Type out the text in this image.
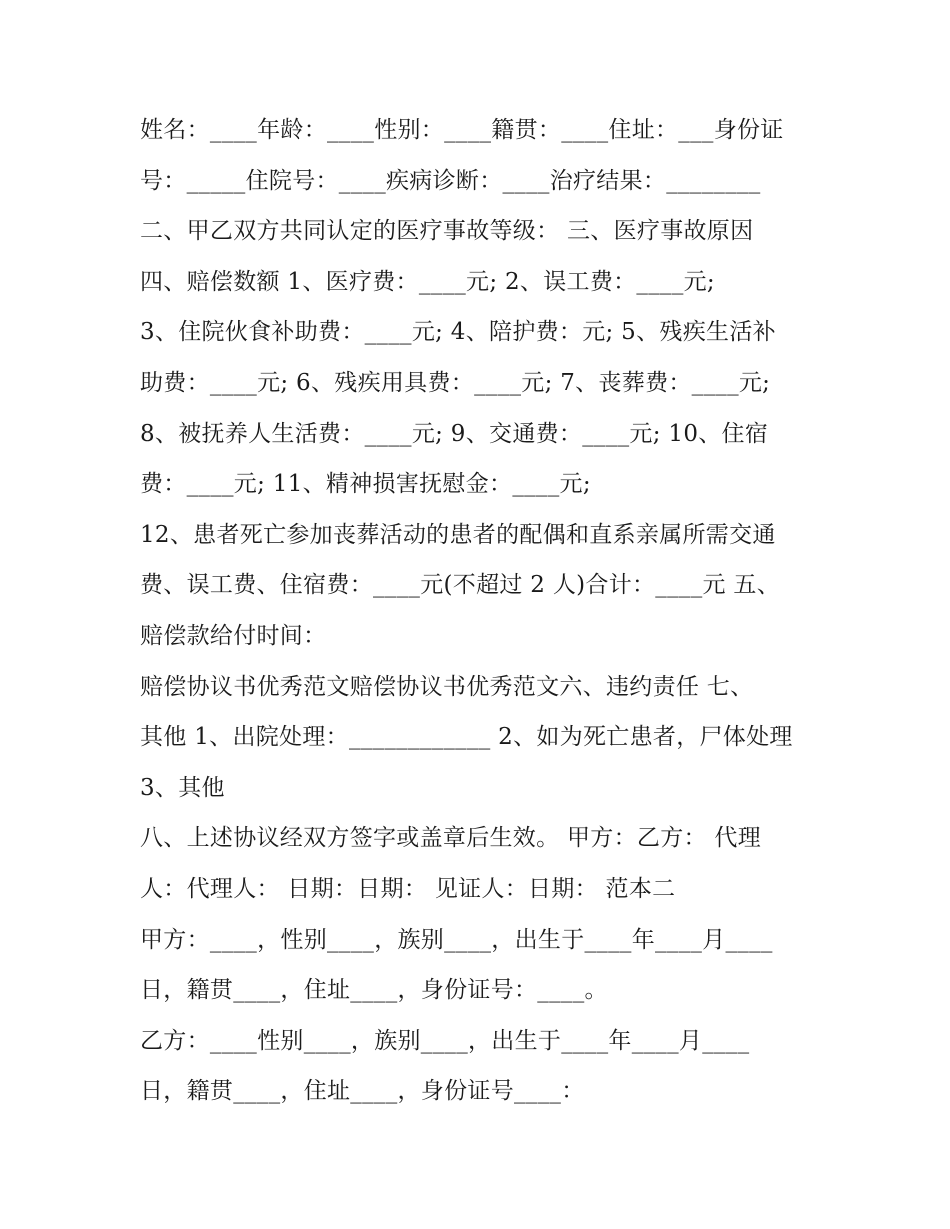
姓名：____年龄：____性别：____籍贯：____住址：___身份证
号：_____住院号：____疾病诊断：____治疗结果：________
二、甲乙双方共同认定的医疗事故等级： 三、医疗事故原因
四、赔偿数额 1、医疗费：____元; 2、误工费：____元;
3、住院伙食补助费：____元; 4、陪护费：元; 5、残疾生活补
助费：____元; 6、残疾用具费：____元; 7、丧葬费：____元;
8、被抚养人生活费：____元; 9、交通费：____元; 10、住宿
费：____元; 11、精神损害抚慰金：____元;
12、患者死亡参加丧葬活动的患者的配偶和直系亲属所需交通
费、误工费、住宿费：____元(不超过 2 人)合计：____元 五、
赔偿款给付时间：
赔偿协议书优秀范文赔偿协议书优秀范文六、违约责任 七、
其他 1、出院处理：____________ 2、如为死亡患者，尸体处理
3、其他
八、上述协议经双方签字或盖章后生效。 甲方：乙方： 代理
人：代理人： 日期：日期： 见证人：日期： 范本二
甲方：____，性别____，族别____，出生于____年____月____
日，籍贯____，住址____，身份证号：____。
乙方：____性别____，族别____，出生于____年____月____
日，籍贯____，住址____，身份证号____：
